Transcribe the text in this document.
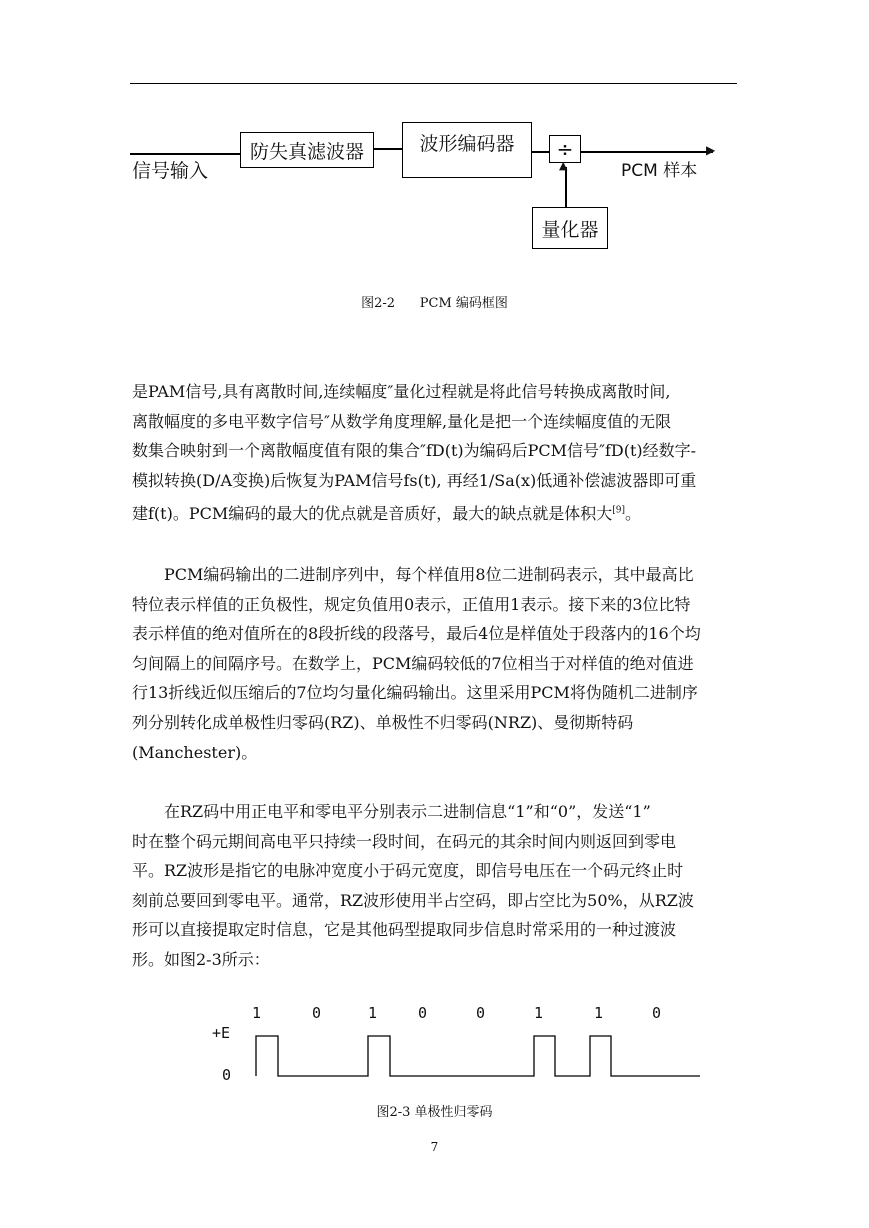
信号输入
防失真滤波器	波形编码器 ÷	▶
PCM 样本
▲
量化器
图2-2 PCM 编码框图
是PAM信号,具有离散时间,连续幅度″量化过程就是将此信号转换成离散时间,
离散幅度的多电平数字信号″从数学角度理解,量化是把一个连续幅度值的无限
数集合映射到一个离散幅度值有限的集合″fD(t)为编码后PCM信号″fD(t)经数字-
模拟转换(D/A变换)后恢复为PAM信号fs(t), 再经1/Sa(x)低通补偿滤波器即可重
建f(t)。PCM编码的最大的优点就是音质好，最大的缺点就是体积大[9]。
PCM编码输出的二进制序列中，每个样值用8位二进制码表示，其中最高比
特位表示样值的正负极性，规定负值用0表示，正值用1表示。接下来的3位比特
表示样值的绝对值所在的8段折线的段落号，最后4位是样值处于段落内的16个均
匀间隔上的间隔序号。在数学上，PCM编码较低的7位相当于对样值的绝对值进
行13折线近似压缩后的7位均匀量化编码输出。这里采用PCM将伪随机二进制序
列分别转化成单极性归零码(RZ)、单极性不归零码(NRZ)、曼彻斯特码
(Manchester)。
在RZ码中用正电平和零电平分别表示二进制信息“1”和“0”，发送“1”
时在整个码元期间高电平只持续一段时间，在码元的其余时间内则返回到零电
平。RZ波形是指它的电脉冲宽度小于码元宽度，即信号电压在一个码元终止时
刻前总要回到零电平。通常，RZ波形使用半占空码，即占空比为50%，从RZ波
形可以直接提取定时信息，它是其他码型提取同步信息时常采用的一种过渡波
形。如图2-3所示：
+E
0
1	0	1	0	0	1	1	0
图2-3 单极性归零码
7
